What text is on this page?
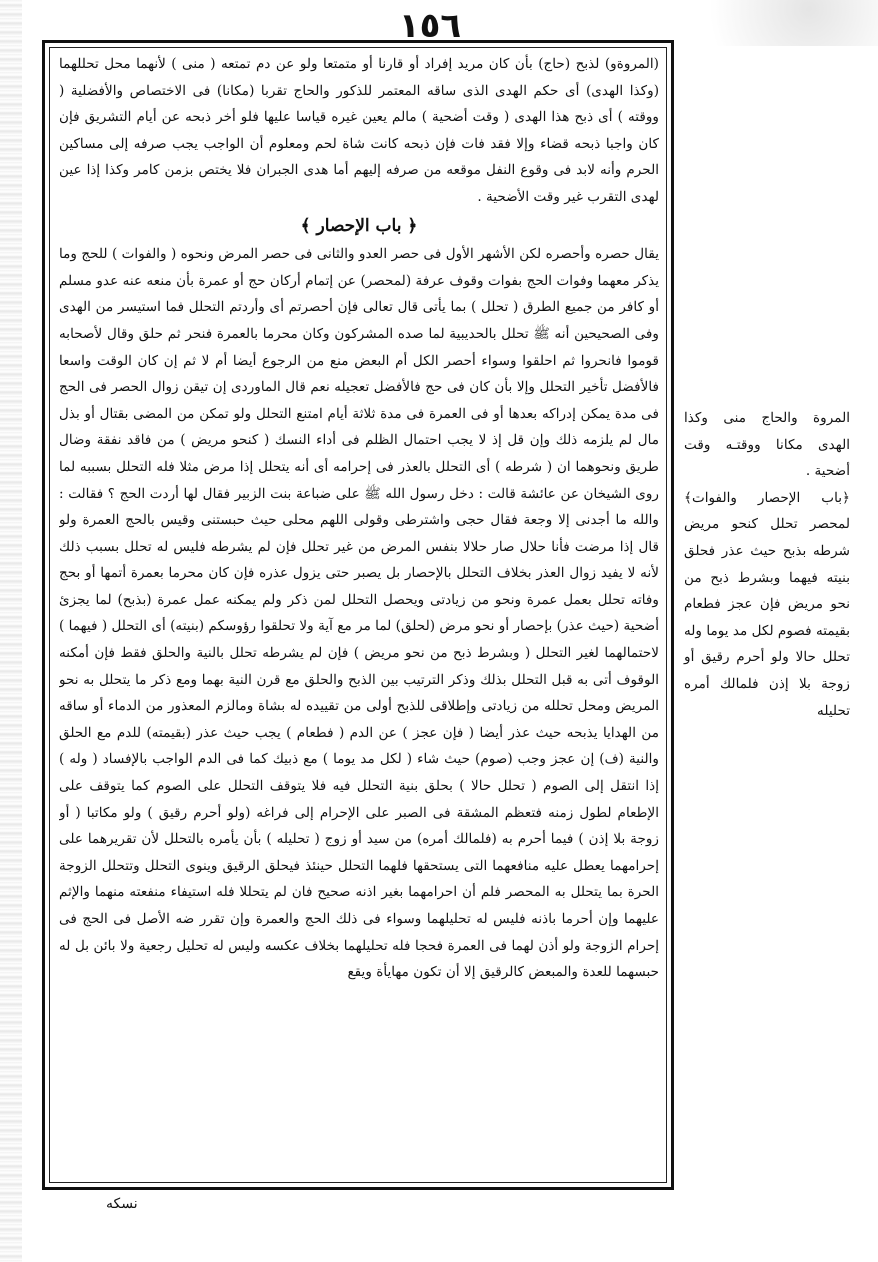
١٥٦

(المروةو) لذبح (حاج) بأن كان مريد إفراد أو قارنا أو متمتعا ولو عن دم تمتعه ( منى ) لأنهما محل تحللهما (وكذا الهدى) أى حكم الهدى الذى ساقه المعتمر للذكور والحاج تقربا (مكانا) فى الاختصاص والأفضلية ( ووقته ) أى ذبح هذا الهدى ( وقت أضحية ) مالم يعين غيره قياسا عليها فلو أخر ذبحه عن أيام التشريق فإن كان واجبا ذبحه قضاء وإلا فقد فات فإن ذبحه كانت شاة لحم ومعلوم أن الواجب يجب صرفه إلى مساكين الحرم وأنه لابد فى وقوع النفل موقعه من صرفه إليهم أما هدى الجبران فلا يختص بزمن كامر وكذا إذا عين لهدى التقرب غير وقت الأضحية .

﴿ باب الإحصار ﴾

يقال حصره وأحصره لكن الأشهر الأول فى حصر العدو والثانى فى حصر المرض ونحوه ( والفوات ) للحج وما يذكر معهما وفوات الحج بفوات وقوف عرفة (لمحصر) عن إتمام أركان حج أو عمرة بأن منعه عنه عدو مسلم أو كافر من جميع الطرق ( تحلل ) بما يأتى قال تعالى فإن أحصرتم أى وأردتم التحلل فما استيسر من الهدى وفى الصحيحين أنه ﷺ تحلل بالحديبية لما صده المشركون وكان محرما بالعمرة فنحر ثم حلق وقال لأصحابه قوموا فانحروا ثم احلقوا وسواء أحصر الكل أم البعض منع من الرجوع أيضا أم لا ثم إن كان الوقت واسعا فالأفضل تأخير التحلل وإلا بأن كان فى حج فالأفضل تعجيله نعم قال الماوردى إن تيقن زوال الحصر فى الحج فى مدة يمكن إدراكه بعدها أو فى العمرة فى مدة ثلاثة أيام امتنع التحلل ولو تمكن من المضى بقتال أو بذل مال لم يلزمه ذلك وإن قل إذ لا يجب احتمال الظلم فى أداء النسك ( كنحو مريض ) من فاقد نفقة وضال طريق ونحوهما ان ( شرطه ) أى التحلل بالعذر فى إحرامه أى أنه يتحلل إذا مرض مثلا فله التحلل بسببه لما روى الشيخان عن عائشة قالت : دخل رسول الله ﷺ على ضباعة بنت الزبير فقال لها أردت الحج ؟ فقالت : والله ما أجدنى إلا وجعة فقال حجى واشترطى وقولى اللهم محلى حيث حبستنى وقيس بالحج العمرة ولو قال إذا مرضت فأنا حلال صار حلالا بنفس المرض من غير تحلل فإن لم يشرطه فليس له تحلل بسبب ذلك لأنه لا يفيد زوال العذر بخلاف التحلل بالإحصار بل يصبر حتى يزول عذره فإن كان محرما بعمرة أتمها أو بحج وفاته تحلل بعمل عمرة ونحو من زيادتى ويحصل التحلل لمن ذكر ولم يمكنه عمل عمرة (بذبح) لما يجزئ أضحية (حيث عذر) بإحصار أو نحو مرض (لحلق) لما مر مع آية ولا تحلقوا رؤوسكم (بنيته) أى التحلل ( فيهما ) لاحتمالهما لغير التحلل ( وبشرط ذبح من نحو مريض ) فإن لم يشرطه تحلل بالنية والحلق فقط فإن أمكنه الوقوف أتى به قبل التحلل بذلك وذكر الترتيب بين الذبح والحلق مع قرن النية بهما ومع ذكر ما يتحلل به نحو المريض ومحل تحلله من زيادتى وإطلاقى للذبح أولى من تقييده له بشاة ومالزم المعذور من الدماء أو ساقه من الهدايا يذبحه حيث عذر أيضا ( فإن عجز ) عن الدم ( فطعام ) يجب حيث عذر (بقيمته) للدم مع الحلق والنية (ف) إن عجز وجب (صوم) حيث شاء ( لكل مد يوما ) مع ذبيك كما فى الدم الواجب بالإفساد ( وله ) إذا انتقل إلى الصوم ( تحلل حالا ) بحلق بنية التحلل فيه فلا يتوقف التحلل على الصوم كما يتوقف على الإطعام لطول زمنه فتعظم المشقة فى الصبر على الإحرام إلى فراغه (ولو أحرم رقيق ) ولو مكاتبا ( أو زوجة بلا إذن ) فيما أحرم به (فلمالك أمره) من سيد أو زوج ( تحليله ) بأن يأمره بالتحلل لأن تقريرهما على إحرامهما يعطل عليه منافعهما التى يستحقها فلهما التحلل حينئذ فيحلق الرقيق وينوى التحلل وتتحلل الزوجة الحرة بما يتحلل به المحصر فلم أن احرامهما بغير اذنه صحيح فان لم يتحللا فله استيفاء منفعته منهما والإثم عليهما وإن أحرما باذنه فليس له تحليلهما وسواء فى ذلك الحج والعمرة وإن تقرر ضه الأصل فى الحج فى إحرام الزوجة ولو أذن لهما فى العمرة فحجا فله تحليلهما بخلاف عكسه وليس له تحليل رجعية ولا بائن بل له حبسهما للعدة والمبعض كالرقيق إلا أن تكون مهايأة ويقع

المروة والحاج منى وكذا الهدى مكانا ووقتـه وقت أضحية .

﴿باب الإحصار والفوات﴾ لمحصر تحلل كنحو مريض شرطه بذبح حيث عذر فحلق بنيته فيهما وبشرط ذبح من نحو مريض فإن عجز فطعام بقيمته فصوم لكل مد يوما وله تحلل حالا ولو أحرم رقيق أو زوجة بلا إذن فلمالك أمره تحليله

نسكه
